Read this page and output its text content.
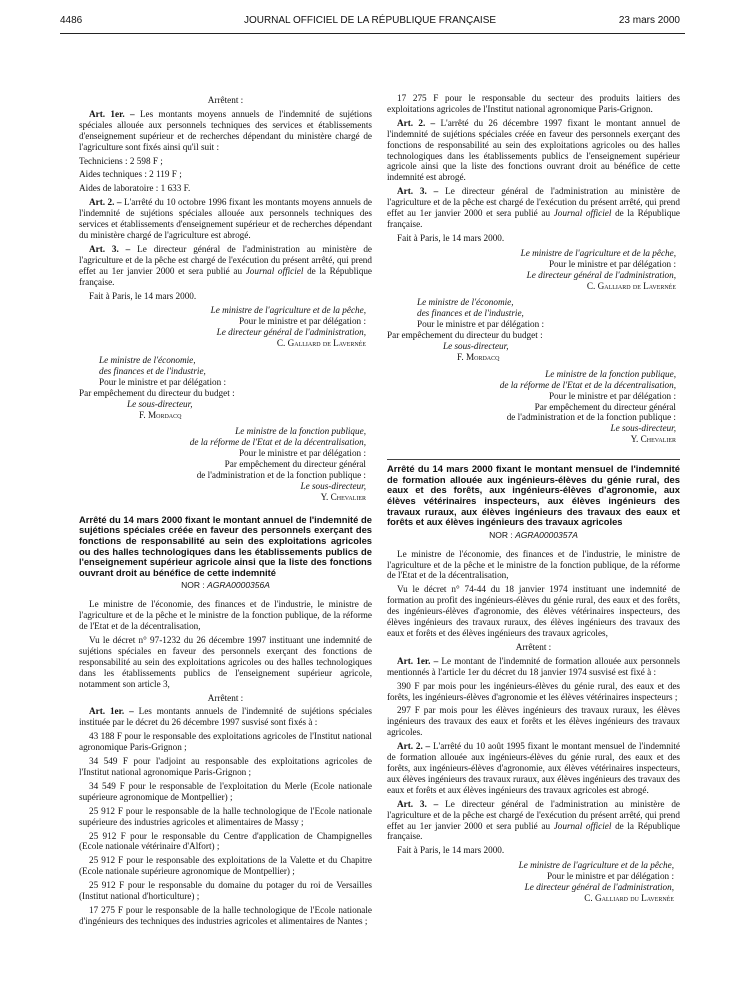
4486	JOURNAL OFFICIEL DE LA RÉPUBLIQUE FRANÇAISE	23 mars 2000
Arrêtent :

Art. 1er. – Les montants moyens annuels de l'indemnité de sujétions spéciales allouée aux personnels techniques des services et établissements d'enseignement supérieur et de recherches dépendant du ministère chargé de l'agriculture sont fixés ainsi qu'il suit :

Techniciens : 2 598 F ;

Aides techniques : 2 119 F ;

Aides de laboratoire : 1 633 F.

Art. 2. – L'arrêté du 10 octobre 1996 fixant les montants moyens annuels de l'indemnité de sujétions spéciales allouée aux personnels techniques des services et établissements d'enseignement supérieur et de recherches dépendant du ministère chargé de l'agriculture est abrogé.

Art. 3. – Le directeur général de l'administration au ministère de l'agriculture et de la pêche est chargé de l'exécution du présent arrêté, qui prend effet au 1er janvier 2000 et sera publié au Journal officiel de la République française.

Fait à Paris, le 14 mars 2000.

Le ministre de l'agriculture et de la pêche,
Pour le ministre et par délégation :
Le directeur général de l'administration,
C. Galliard de Lavernée
Le ministre de l'économie,
des finances et de l'industrie,
Pour le ministre et par délégation :
Par empêchement du directeur du budget :
Le sous-directeur,
F. Mordacq
Le ministre de la fonction publique,
de la réforme de l'Etat et de la décentralisation,
Pour le ministre et par délégation :
Par empêchement du directeur général
de l'administration et de la fonction publique :
Le sous-directeur,
Y. Chevalier
Arrêté du 14 mars 2000 fixant le montant annuel de l'indemnité de sujétions spéciales créée en faveur des personnels exerçant des fonctions de responsabilité au sein des exploitations agricoles ou des halles technologiques dans les établissements publics de l'enseignement supérieur agricole ainsi que la liste des fonctions ouvrant droit au bénéfice de cette indemnité
NOR : AGRA0000356A

Le ministre de l'économie, des finances et de l'industrie, le ministre de l'agriculture et de la pêche et le ministre de la fonction publique, de la réforme de l'Etat et de la décentralisation,

Vu le décret n° 97-1232 du 26 décembre 1997 instituant une indemnité de sujétions spéciales en faveur des personnels exerçant des fonctions de responsabilité au sein des exploitations agricoles ou des halles technologiques dans les établissements publics de l'enseignement supérieur agricole, notamment son article 3,

Arrêtent :

Art. 1er. – Les montants annuels de l'indemnité de sujétions spéciales instituée par le décret du 26 décembre 1997 susvisé sont fixés à :

43 188 F pour le responsable des exploitations agricoles de l'Institut national agronomique Paris-Grignon ;

34 549 F pour l'adjoint au responsable des exploitations agricoles de l'Institut national agronomique Paris-Grignon ;

34 549 F pour le responsable de l'exploitation du Merle (Ecole nationale supérieure agronomique de Montpellier) ;

25 912 F pour le responsable de la halle technologique de l'Ecole nationale supérieure des industries agricoles et alimentaires de Massy ;

25 912 F pour le responsable du Centre d'application de Champignelles (Ecole nationale vétérinaire d'Alfort) ;

25 912 F pour le responsable des exploitations de la Valette et du Chapitre (Ecole nationale supérieure agronomique de Montpellier) ;

25 912 F pour le responsable du domaine du potager du roi de Versailles (Institut national d'horticulture) ;

17 275 F pour le responsable de la halle technologique de l'Ecole nationale d'ingénieurs des techniques des industries agricoles et alimentaires de Nantes ;

17 275 F pour le responsable du secteur des produits laitiers des exploitations agricoles de l'Institut national agronomique Paris-Grignon.

Art. 2. – L'arrêté du 26 décembre 1997 fixant le montant annuel de l'indemnité de sujétions spéciales créée en faveur des personnels exerçant des fonctions de responsabilité au sein des exploitations agricoles ou des halles technologiques dans les établissements publics de l'enseignement supérieur agricole ainsi que la liste des fonctions ouvrant droit au bénéfice de cette indemnité est abrogé.

Art. 3. – Le directeur général de l'administration au ministère de l'agriculture et de la pêche est chargé de l'exécution du présent arrêté, qui prend effet au 1er janvier 2000 et sera publié au Journal officiel de la République française.

Fait à Paris, le 14 mars 2000.

Le ministre de l'agriculture et de la pêche,
Pour le ministre et par délégation :
Le directeur général de l'administration,
C. Galliard de Lavernée
Le ministre de l'économie,
des finances et de l'industrie,
Pour le ministre et par délégation :
Par empêchement du directeur du budget :
Le sous-directeur,
F. Mordacq
Le ministre de la fonction publique,
de la réforme de l'Etat et de la décentralisation,
Pour le ministre et par délégation :
Par empêchement du directeur général
de l'administration et de la fonction publique :
Le sous-directeur,
Y. Chevalier
Arrêté du 14 mars 2000 fixant le montant mensuel de l'indemnité de formation allouée aux ingénieurs-élèves du génie rural, des eaux et des forêts, aux ingénieurs-élèves d'agronomie, aux élèves vétérinaires inspecteurs, aux élèves ingénieurs des travaux ruraux, aux élèves ingénieurs des travaux des eaux et forêts et aux élèves ingénieurs des travaux agricoles
NOR : AGRA0000357A

Le ministre de l'économie, des finances et de l'industrie, le ministre de l'agriculture et de la pêche et le ministre de la fonction publique, de la réforme de l'Etat et de la décentralisation,

Vu le décret n° 74-44 du 18 janvier 1974 instituant une indemnité de formation au profit des ingénieurs-élèves du génie rural, des eaux et des forêts, des ingénieurs-élèves d'agronomie, des élèves vétérinaires inspecteurs, des élèves ingénieurs des travaux ruraux, des élèves ingénieurs des travaux des eaux et forêts et des élèves ingénieurs des travaux agricoles,

Arrêtent :

Art. 1er. – Le montant de l'indemnité de formation allouée aux personnels mentionnés à l'article 1er du décret du 18 janvier 1974 susvisé est fixé à :

390 F par mois pour les ingénieurs-élèves du génie rural, des eaux et des forêts, les ingénieurs-élèves d'agronomie et les élèves vétérinaires inspecteurs ;

297 F par mois pour les élèves ingénieurs des travaux ruraux, les élèves ingénieurs des travaux des eaux et forêts et les élèves ingénieurs des travaux agricoles.

Art. 2. – L'arrêté du 10 août 1995 fixant le montant mensuel de l'indemnité de formation allouée aux ingénieurs-élèves du génie rural, des eaux et des forêts, aux ingénieurs-élèves d'agronomie, aux élèves vétérinaires inspecteurs, aux élèves ingénieurs des travaux ruraux, aux élèves ingénieurs des travaux des eaux et forêts et aux élèves ingénieurs des travaux agricoles est abrogé.

Art. 3. – Le directeur général de l'administration au ministère de l'agriculture et de la pêche est chargé de l'exécution du présent arrêté, qui prend effet au 1er janvier 2000 et sera publié au Journal officiel de la République française.

Fait à Paris, le 14 mars 2000.

Le ministre de l'agriculture et de la pêche,
Pour le ministre et par délégation :
Le directeur général de l'administration,
C. Galliard du Lavernée
